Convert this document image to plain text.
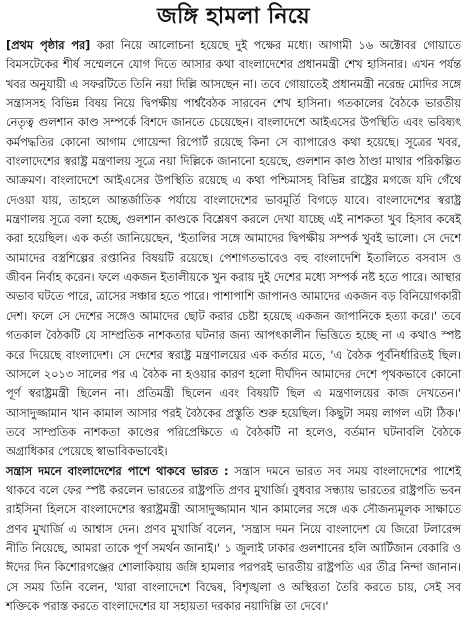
জঙ্গি হামলা নিয়ে

[প্রথম পৃষ্ঠার পর] করা নিয়ে আলোচনা হয়েছে দুই পক্ষের মধ্যে। আগামী ১৬ অক্টোবর গোয়াতে বিমসটেকের শীর্ষ সম্মেলনে যোগ দিতে আসার কথা বাংলাদেশের প্রধানমন্ত্রী শেখ হাসিনার। এখন পর্যন্ত খবর অনুযায়ী এ সফরটিতে তিনি নয়া দিল্লি আসছেন না। তবে গোয়াতেই প্রধানমন্ত্রী নরেন্দ্র মোদির সঙ্গে সন্ত্রাসসহ বিভিন্ন বিষয় নিয়ে দ্বিপক্ষীয় পার্শ্ববৈঠক সারবেন শেখ হাসিনা। গতকালের বৈঠকে ভারতীয় নেতৃত্ব গুলশান কাণ্ড সম্পর্কে বিশদে জানতে চেয়েছেন। বাংলাদেশে আইএসের উপস্থিতি এবং ভবিষ্যৎ কর্মপদ্ধতির কোনো আগাম গোয়েন্দা রিপোর্ট রয়েছে কিনা সে ব্যাপারেও কথা হয়েছে। সূত্রের খবর, বাংলাদেশের স্বরাষ্ট্র মন্ত্রণালয় সূত্রে নয়া দিল্লিকে জানানো হয়েছে, গুলশান কাণ্ড ঠাণ্ডা মাথার পরিকল্পিত আক্রমণ। বাংলাদেশে আইএসের উপস্থিতি রয়েছে এ কথা পশ্চিমাসহ বিভিন্ন রাষ্ট্রের মগজে যদি গেঁথে দেওয়া যায়, তাহলে আন্তর্জাতিক পর্যায়ে বাংলাদেশের ভাবমূর্তি বিগড়ে যাবে। বাংলাদেশের স্বরাষ্ট্র মন্ত্রণালয় সূত্রে বলা হচ্ছে, গুলশান কাণ্ডকে বিশ্লেষণ করলে দেখা যাচ্ছে এই নাশকতা খুব হিসাব কষেই করা হয়েছিল। এক কর্তা জানিয়েছেন, 'ইতালির সঙ্গে আমাদের দ্বিপক্ষীয় সম্পর্ক খুবই ভালো। সে দেশে আমাদের বস্ত্রশিল্পের রপ্তানির বিষয়টি রয়েছে। পেশাগতভাবেও বহু বাংলাদেশি ইতালিতে বসবাস ও জীবন নির্বাহ করেন। ফলে একজন ইতালীয়কে খুন করায় দুই দেশের মধ্যে সম্পর্ক নষ্ট হতে পারে। আস্থার অভাব ঘটতে পারে, ত্রাসের সঞ্চার হতে পারে। পাশাপাশি জাপানও আমাদের একজন বড় বিনিয়োগকারী দেশ। ফলে সে দেশের সঙ্গেও আমাদের ছোট করার চেষ্টা হয়েছে একজন জাপানিকে হত্যা করে।' তবে গতকাল বৈঠকটি যে সাম্প্রতিক নাশকতার ঘটনার জন্য আপৎকালীন ভিত্তিতে হচ্ছে না এ কথাও স্পষ্ট করে দিয়েছে বাংলাদেশ। সে দেশের স্বরাষ্ট্র মন্ত্রণালয়ের এক কর্তার মতে, 'এ বৈঠক পূর্বনির্ধারিতই ছিল। আসলে ২০১৩ সালের পর এ বৈঠক না হওয়ার কারণ হলো দীর্ঘদিন আমাদের দেশে পৃথকভাবে কোনো পূর্ণ স্বরাষ্ট্রমন্ত্রী ছিলেন না। প্রতিমন্ত্রী ছিলেন এবং বিষয়টি ছিল এ মন্ত্রণালয়ের কাজ দেখতেন।' আসাদুজ্জামান খান কামাল আসার পরই বৈঠকের প্রস্তুতি শুরু হয়েছিল। কিছুটা সময় লাগল এটা ঠিক।' তবে সাম্প্রতিক নাশকতা কাণ্ডের পরিপ্রেক্ষিতে এ বৈঠকটি না হলেও, বর্তমান ঘটনাবলি বৈঠকে অগ্রাধিকার পেয়েছে স্বাভাবিকভাবেই।

সন্ত্রাস দমনে বাংলাদেশের পাশে থাকবে ভারত : সন্ত্রাস দমনে ভারত সব সময় বাংলাদেশের পাশেই থাকবে বলে ফের স্পষ্ট করলেন ভারতের রাষ্ট্রপতি প্রণব মুখার্জি। বুধবার সন্ধ্যায় ভারতের রাষ্ট্রপতি ভবন রাইসিনা হিলসে বাংলাদেশের স্বরাষ্ট্রমন্ত্রী আসাদুজ্জামান খান কামালের সঙ্গে এক সৌজন্যমূলক সাক্ষাতে প্রণব মুখার্জি এ আশ্বাস দেন। প্রণব মুখার্জি বলেন, 'সন্ত্রাস দমন নিয়ে বাংলাদেশ যে জিরো টলারেন্স নীতি নিয়েছে, আমরা তাকে পূর্ণ সমর্থন জানাই।' ১ জুলাই ঢাকার গুলশানের হলি আর্টিজান বেকারি ও ঈদের দিন কিশোরগঞ্জের শোলাকিয়ায় জঙ্গি হামলার পরপরই ভারতীয় রাষ্ট্রপতি এর তীব্র নিন্দা জানান। সে সময় তিনি বলেন, 'যারা বাংলাদেশে বিদ্বেষ, বিশৃঙ্খলা ও অস্থিরতা তৈরি করতে চায়, সেই সব শক্তিকে পরাস্ত করতে বাংলাদেশের যা সহায়তা দরকার নয়াদিল্লি তা দেবে।'
